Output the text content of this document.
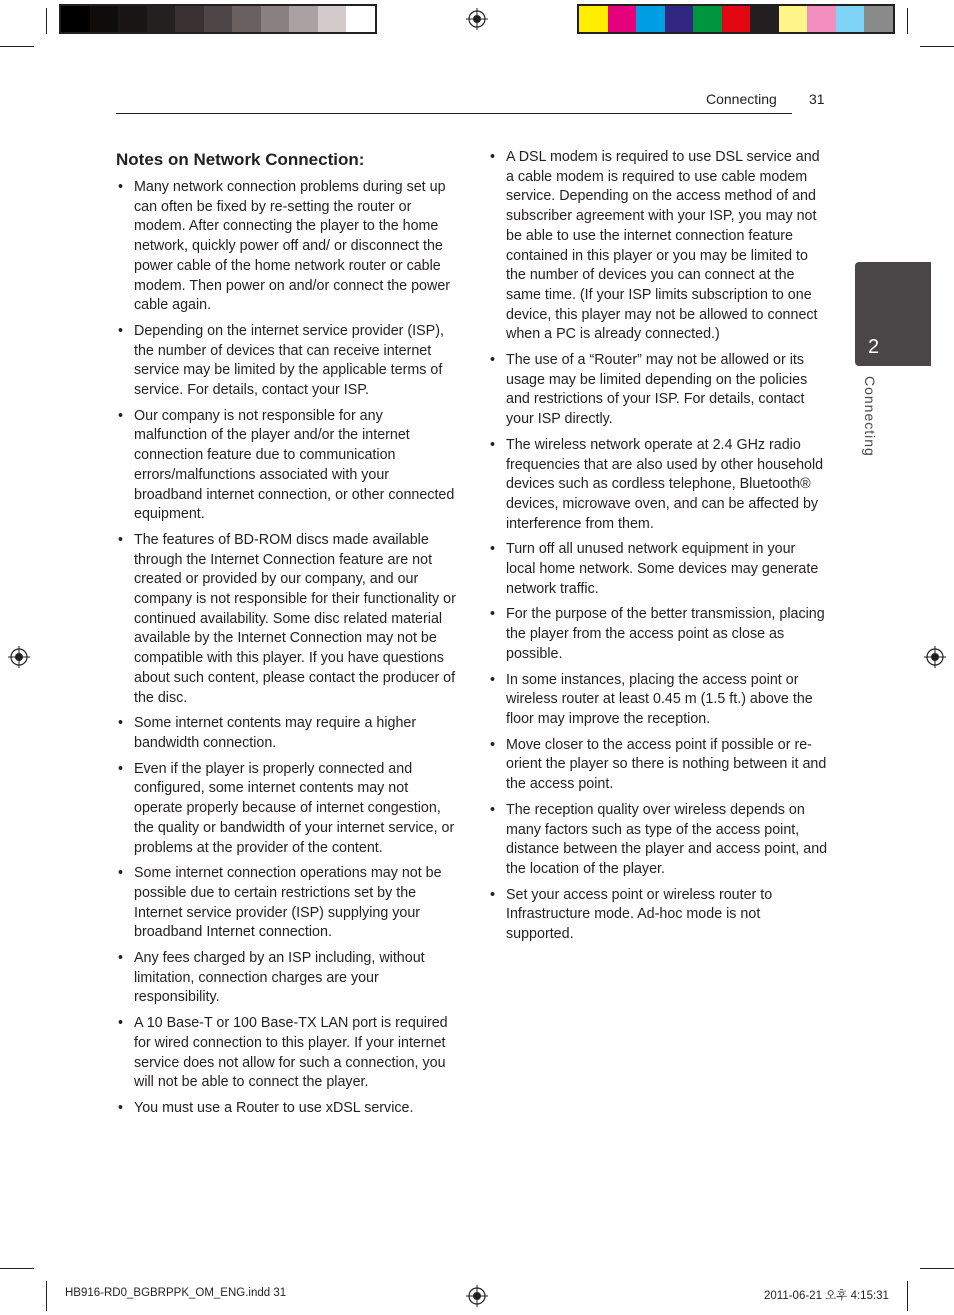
Connecting 31
2
Connecting
Notes on Network Connection:
• Many network connection problems during set up can often be fixed by re-setting the router or modem. After connecting the player to the home network, quickly power off and/ or disconnect the power cable of the home network router or cable modem. Then power on and/or connect the power cable again.
• Depending on the internet service provider (ISP), the number of devices that can receive internet service may be limited by the applicable terms of service. For details, contact your ISP.
• Our company is not responsible for any malfunction of the player and/or the internet connection feature due to communication errors/malfunctions associated with your broadband internet connection, or other connected equipment.
• The features of BD-ROM discs made available through the Internet Connection feature are not created or provided by our company, and our company is not responsible for their functionality or continued availability. Some disc related material available by the Internet Connection may not be compatible with this player. If you have questions about such content, please contact the producer of the disc.
• Some internet contents may require a higher bandwidth connection.
• Even if the player is properly connected and configured, some internet contents may not operate properly because of internet congestion, the quality or bandwidth of your internet service, or problems at the provider of the content.
• Some internet connection operations may not be possible due to certain restrictions set by the Internet service provider (ISP) supplying your broadband Internet connection.
• Any fees charged by an ISP including, without limitation, connection charges are your responsibility.
• A 10 Base-T or 100 Base-TX LAN port is required for wired connection to this player. If your internet service does not allow for such a connection, you will not be able to connect the player.
• You must use a Router to use xDSL service.
• A DSL modem is required to use DSL service and a cable modem is required to use cable modem service. Depending on the access method of and subscriber agreement with your ISP, you may not be able to use the internet connection feature contained in this player or you may be limited to the number of devices you can connect at the same time. (If your ISP limits subscription to one device, this player may not be allowed to connect when a PC is already connected.)
• The use of a “Router” may not be allowed or its usage may be limited depending on the policies and restrictions of your ISP. For details, contact your ISP directly.
• The wireless network operate at 2.4 GHz radio frequencies that are also used by other household devices such as cordless telephone, Bluetooth® devices, microwave oven, and can be affected by interference from them.
• Turn off all unused network equipment in your local home network. Some devices may generate network traffic.
• For the purpose of the better transmission, placing the player from the access point as close as possible.
• In some instances, placing the access point or wireless router at least 0.45 m (1.5 ft.) above the floor may improve the reception.
• Move closer to the access point if possible or re-orient the player so there is nothing between it and the access point.
• The reception quality over wireless depends on many factors such as type of the access point, distance between the player and access point, and the location of the player.
• Set your access point or wireless router to Infrastructure mode. Ad-hoc mode is not supported.
HB916-RD0_BGBRPPK_OM_ENG.indd 31	2011-06-21 오후 4:15:31
